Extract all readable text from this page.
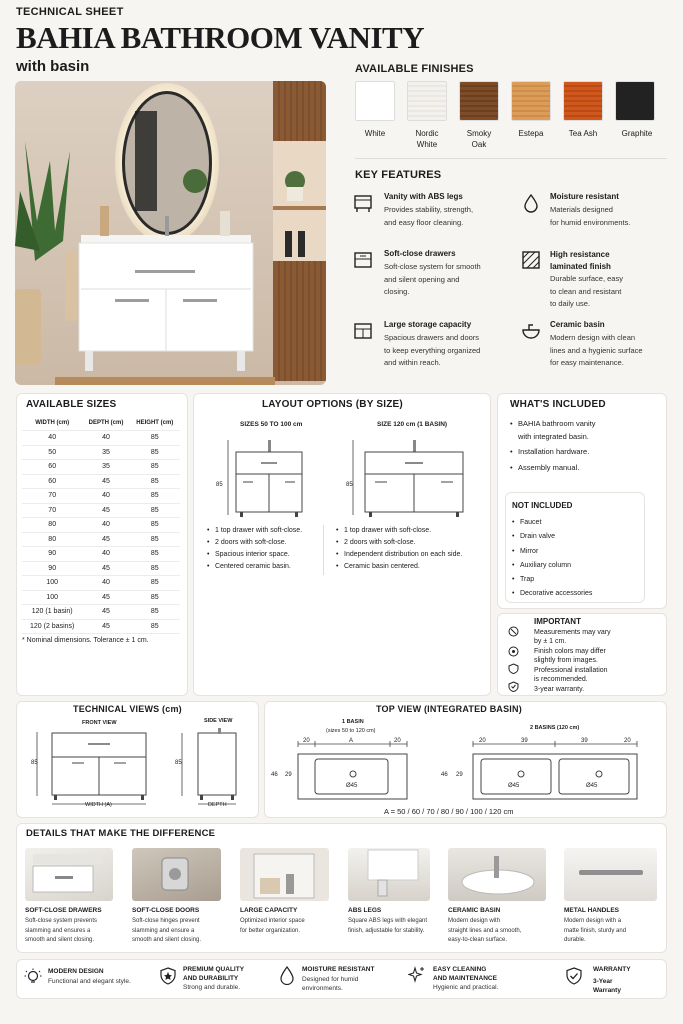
TECHNICAL SHEET
BAHIA BATHROOM VANITY
with basin	AVAILABLE FINISHES
White	Nordic
White
Smoky
Oak
Estepa	Tea Ash	Graphite
KEY FEATURES
Vanity with ABS legs
Provides stability, strength,
and easy floor cleaning.
Moisture resistant
Materials designed
for humid environments.
Soft-close drawers
Soft-close system for smooth
and silent opening and
closing.
High resistance
laminated finish
Durable surface, easy
to clean and resistant
to daily use.
Large storage capacity
Spacious drawers and doors
to keep everything organized
and within reach.
Ceramic basin
Modern design with clean
lines and a hygienic surface
for easy maintenance.
AVAILABLE SIZES
WIDTH (cm)	DEPTH (cm)	HEIGHT (cm)
40	40	85
50	35	85
60	35	85
60	45	85
70	40	85
70	45	85
80	40	85
80	45	85
90	40	85
90	45	85
100	40	85
100	45	85
120 (1 basin)	45	85
120 (2 basins)	45	85
* Nominal dimensions. Tolerance ± 1 cm.
LAYOUT OPTIONS (BY SIZE)
SIZES 50 TO 100 cm	SIZE 120 cm (1 BASIN)
85	85
• 1 top drawer with soft-close.
• 2 doors with soft-close.
• Spacious interior space.
• Centered ceramic basin.
• 1 top drawer with soft-close.
• 2 doors with soft-close.
• Independent distribution on each side.
• Ceramic basin centered.
WHAT'S INCLUDED
• BAHIA bathroom vanity
with integrated basin.
• Installation hardware.
• Assembly manual.
NOT INCLUDED
• Faucet
• Drain valve
• Mirror
• Auxiliary column
• Trap
• Decorative accessories
IMPORTANT
Measurements may vary
by ± 1 cm.
Finish colors may differ
slightly from images.
Professional installation
is recommended.
3-year warranty.
TECHNICAL VIEWS (cm)
FRONT VIEW	SIDE VIEW
85
WIDTH (A)
85
DEPTH
TOP VIEW (INTEGRATED BASIN)
1 BASIN
(sizes 50 to 120 cm)	2 BASINS (120 cm)
20	A	20
46 29
Ø45
20	39	39	20
46 29
Ø45	Ø45
A = 50 / 60 / 70 / 80 / 90 / 100 / 120 cm
DETAILS THAT MAKE THE DIFFERENCE
SOFT-CLOSE DRAWERS
Soft-close system prevents
slamming and ensures a
smooth and silent closing.
SOFT-CLOSE DOORS
Soft-close hinges prevent
slamming and ensure a
smooth and silent closing.
LARGE CAPACITY
Optimized interior space
for better organization.
ABS LEGS
Square ABS legs with elegant
finish, adjustable for stability.
CERAMIC BASIN
Modern design with
straight lines and a smooth,
easy-to-clean surface.
METAL HANDLES
Modern design with a
matte finish, sturdy and
durable.
MODERN DESIGN
Functional and elegant style.
PREMIUM QUALITY
AND DURABILITY
Strong and durable.
MOISTURE RESISTANT
Designed for humid
environments.
EASY CLEANING
AND MAINTENANCE
Hygienic and practical.
WARRANTY
3-Year
Warranty
